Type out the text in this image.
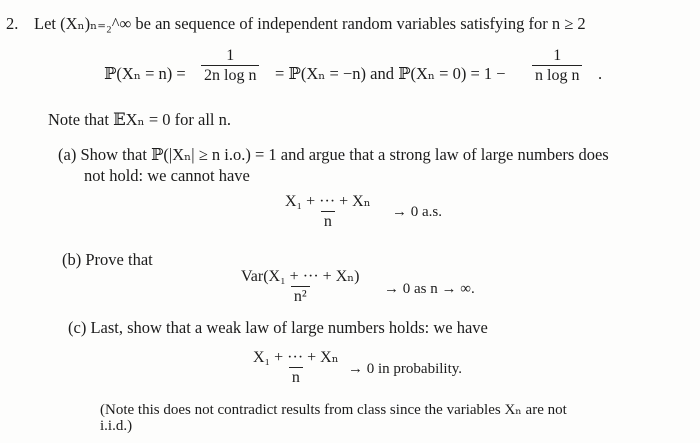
2. Let (Xₙ)ₙ₌₂^∞ be an sequence of independent random variables satisfying for n ≥ 2
ℙ(Xₙ = $n) = \frac{1}{\text{2n log n}}$ = ℙ(Xₙ = −n) and ℙ(Xₙ = $0) = 1 - \frac{1}{\text{n log n}}$ .
Note that 𝔼Xₙ = 0 for all n.
(a) Show that ℙ(|Xₙ| ≥ n i.o.) = 1 and argue that a strong law of large numbers does
not hold: we cannot have
$\frac{\text{X₁ + ··· + Xₙ}}{n} \to 0$ a.s.
(b) Prove that
Var(X₁ + ··· + Xₙ)
n²	→ 0 as n → ∞.
(c) Last, show that a weak law of large numbers holds: we have
$\frac{\text{X₁ + ··· + Xₙ}}{n} \to 0$ in probability.
(Note this does not contradict results from class since the variables Xₙ are not
i.i.d.)
